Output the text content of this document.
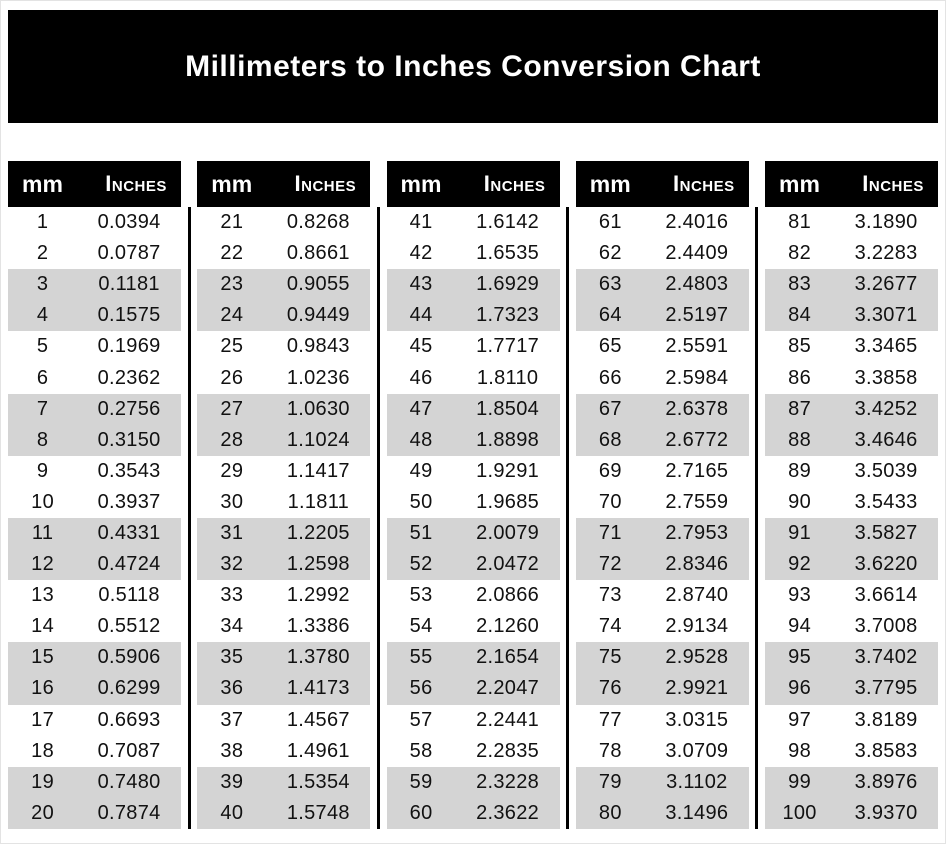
Millimeters to Inches Conversion Chart
mm	Inches
1	0.0394
2	0.0787
3	0.1181
4	0.1575
5	0.1969
6	0.2362
7	0.2756
8	0.3150
9	0.3543
10	0.3937
11	0.4331
12	0.4724
13	0.5118
14	0.5512
15	0.5906
16	0.6299
17	0.6693
18	0.7087
19	0.7480
20	0.7874
mm	Inches
21	0.8268
22	0.8661
23	0.9055
24	0.9449
25	0.9843
26	1.0236
27	1.0630
28	1.1024
29	1.1417
30	1.1811
31	1.2205
32	1.2598
33	1.2992
34	1.3386
35	1.3780
36	1.4173
37	1.4567
38	1.4961
39	1.5354
40	1.5748
mm	Inches
41	1.6142
42	1.6535
43	1.6929
44	1.7323
45	1.7717
46	1.8110
47	1.8504
48	1.8898
49	1.9291
50	1.9685
51	2.0079
52	2.0472
53	2.0866
54	2.1260
55	2.1654
56	2.2047
57	2.2441
58	2.2835
59	2.3228
60	2.3622
mm	Inches
61	2.4016
62	2.4409
63	2.4803
64	2.5197
65	2.5591
66	2.5984
67	2.6378
68	2.6772
69	2.7165
70	2.7559
71	2.7953
72	2.8346
73	2.8740
74	2.9134
75	2.9528
76	2.9921
77	3.0315
78	3.0709
79	3.1102
80	3.1496
mm	Inches
81	3.1890
82	3.2283
83	3.2677
84	3.3071
85	3.3465
86	3.3858
87	3.4252
88	3.4646
89	3.5039
90	3.5433
91	3.5827
92	3.6220
93	3.6614
94	3.7008
95	3.7402
96	3.7795
97	3.8189
98	3.8583
99	3.8976
100	3.9370
